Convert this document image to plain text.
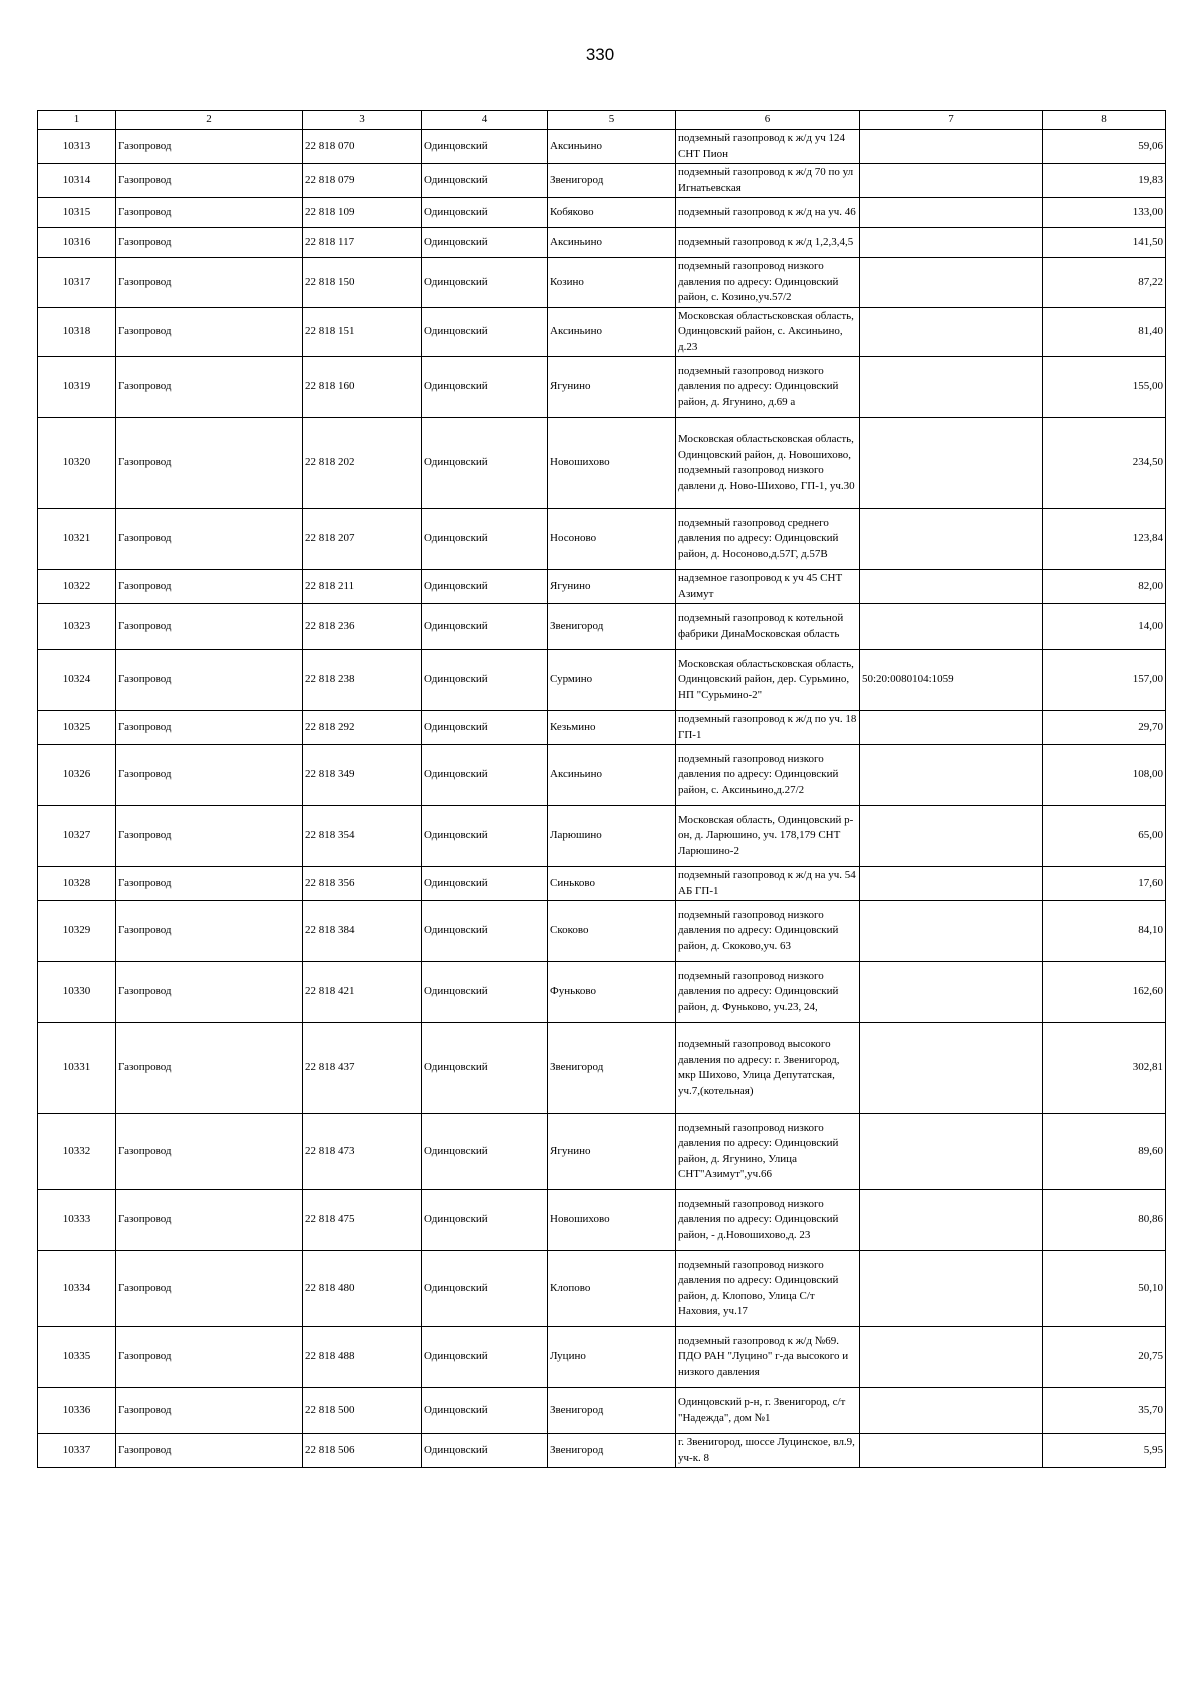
330
1	2	3	4	5	6	7	8
10313	Газопровод	22 818 070	Одинцовский	Аксиньино	подземный газопровод к ж/д уч 124 СНТ Пион		59,06
10314	Газопровод	22 818 079	Одинцовский	Звенигород	подземный газопровод к ж/д 70 по ул Игнатьевская		19,83
10315	Газопровод	22 818 109	Одинцовский	Кобяково	подземный газопровод к ж/д на уч. 46		133,00
10316	Газопровод	22 818 117	Одинцовский	Аксиньино	подземный газопровод к ж/д 1,2,3,4,5		141,50
10317	Газопровод	22 818 150	Одинцовский	Козино	подземный газопровод низкого давления по адресу: Одинцовский район, с. Козино,уч.57/2		87,22
10318	Газопровод	22 818 151	Одинцовский	Аксиньино	Московская областьсковская область, Одинцовский район, с. Аксиньино, д.23		81,40
10319	Газопровод	22 818 160	Одинцовский	Ягунино	подземный газопровод низкого давления по адресу: Одинцовский район, д. Ягунино, д.69 а		155,00
10320	Газопровод	22 818 202	Одинцовский	Новошихово	Московская областьсковская область, Одинцовский район, д. Новошихово, подземный газопровод низкого давлени д. Ново-Шихово, ГП-1, уч.30		234,50
10321	Газопровод	22 818 207	Одинцовский	Носоново	подземный газопровод среднего давления по адресу: Одинцовский район, д. Носоново,д.57Г, д.57В		123,84
10322	Газопровод	22 818 211	Одинцовский	Ягунино	надземное газопровод к уч 45 СНТ Азимут		82,00
10323	Газопровод	22 818 236	Одинцовский	Звенигород	подземный газопровод к котельной фабрики ДинаМосковская область		14,00
10324	Газопровод	22 818 238	Одинцовский	Сурмино	Московская областьсковская область, Одинцовский район, дер. Сурьмино, НП "Сурьмино-2"	50:20:0080104:1059	157,00
10325	Газопровод	22 818 292	Одинцовский	Кезьмино	подземный газопровод к ж/д по уч. 18 ГП-1		29,70
10326	Газопровод	22 818 349	Одинцовский	Аксиньино	подземный газопровод низкого давления по адресу: Одинцовский район, с. Аксиньино,д.27/2		108,00
10327	Газопровод	22 818 354	Одинцовский	Ларюшино	Московская область, Одинцовский р-он, д. Ларюшино, уч. 178,179 СНТ Ларюшино-2		65,00
10328	Газопровод	22 818 356	Одинцовский	Синьково	подземный газопровод к ж/д на уч. 54 АБ ГП-1		17,60
10329	Газопровод	22 818 384	Одинцовский	Скоково	подземный газопровод низкого давления по адресу: Одинцовский район, д. Скоково,уч. 63		84,10
10330	Газопровод	22 818 421	Одинцовский	Фуньково	подземный газопровод низкого давления по адресу: Одинцовский район, д. Фуньково, уч.23, 24,		162,60
10331	Газопровод	22 818 437	Одинцовский	Звенигород	подземный газопровод высокого давления по адресу: г. Звенигород, мкр Шихово, Улица Депутатская, уч.7,(котельная)		302,81
10332	Газопровод	22 818 473	Одинцовский	Ягунино	подземный газопровод низкого давления по адресу: Одинцовский район, д. Ягунино, Улица СНТ"Азимут",уч.66		89,60
10333	Газопровод	22 818 475	Одинцовский	Новошихово	подземный газопровод низкого давления по адресу: Одинцовский район, - д.Новошихово,д. 23		80,86
10334	Газопровод	22 818 480	Одинцовский	Клопово	подземный газопровод низкого давления по адресу: Одинцовский район, д. Клопово, Улица С/т Наховия, уч.17		50,10
10335	Газопровод	22 818 488	Одинцовский	Луцино	подземный газопровод к ж/д №69. ПДО РАН "Луцино" г-да высокого и низкого давления		20,75
10336	Газопровод	22 818 500	Одинцовский	Звенигород	Одинцовский р-н, г. Звенигород, с/т "Надежда", дом №1		35,70
10337	Газопровод	22 818 506	Одинцовский	Звенигород	г. Звенигород, шоссе Луцинское, вл.9, уч-к. 8		5,95
